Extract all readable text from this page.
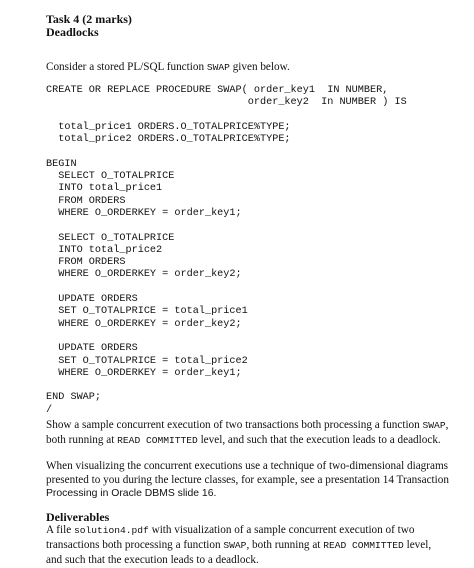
Task 4 (2 marks)
Deadlocks
Consider a stored PL/SQL function SWAP given below.
CREATE OR REPLACE PROCEDURE SWAP( order_key1  IN NUMBER,
order_key2  In NUMBER ) IS

total_price1 ORDERS.O_TOTALPRICE%TYPE;
total_price2 ORDERS.O_TOTALPRICE%TYPE;

BEGIN
SELECT O_TOTALPRICE
INTO total_price1
FROM ORDERS
WHERE O_ORDERKEY = order_key1;

SELECT O_TOTALPRICE
INTO total_price2
FROM ORDERS
WHERE O_ORDERKEY = order_key2;

UPDATE ORDERS
SET O_TOTALPRICE = total_price1
WHERE O_ORDERKEY = order_key2;

UPDATE ORDERS
SET O_TOTALPRICE = total_price2
WHERE O_ORDERKEY = order_key1;

END SWAP;
/
Show a sample concurrent execution of two transactions both processing a function SWAP,
both running at READ COMMITTED level, and such that the execution leads to a deadlock.
When visualizing the concurrent executions use a technique of two-dimensional diagrams
presented to you during the lecture classes, for example, see a presentation 14 Transaction
Processing in Oracle DBMS slide 16.
Deliverables
A file solution4.pdf with visualization of a sample concurrent execution of two
transactions both processing a function SWAP, both running at READ COMMITTED level,
and such that the execution leads to a deadlock.
